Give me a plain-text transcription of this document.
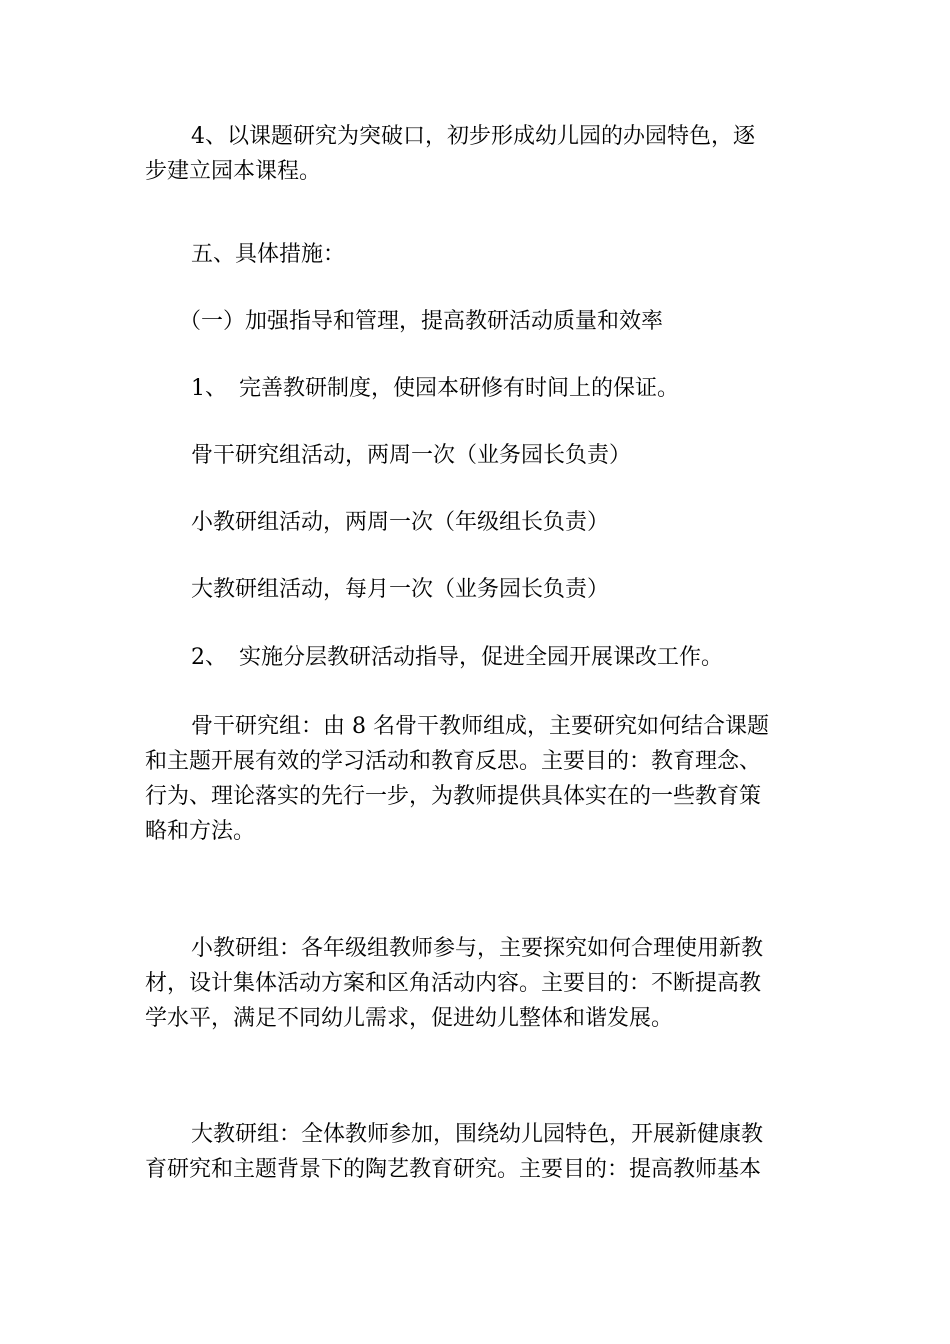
4、以课题研究为突破口，初步形成幼儿园的办园特色，逐
步建立园本课程。
五、具体措施：
（一）加强指导和管理，提高教研活动质量和效率
1、 完善教研制度，使园本研修有时间上的保证。
骨干研究组活动，两周一次（业务园长负责）
小教研组活动，两周一次（年级组长负责）
大教研组活动，每月一次（业务园长负责）
2、 实施分层教研活动指导，促进全园开展课改工作。
骨干研究组：由 8 名骨干教师组成，主要研究如何结合课题
和主题开展有效的学习活动和教育反思。主要目的：教育理念、
行为、理论落实的先行一步，为教师提供具体实在的一些教育策
略和方法。
小教研组：各年级组教师参与，主要探究如何合理使用新教
材，设计集体活动方案和区角活动内容。主要目的：不断提高教
学水平，满足不同幼儿需求，促进幼儿整体和谐发展。
大教研组：全体教师参加，围绕幼儿园特色，开展新健康教
育研究和主题背景下的陶艺教育研究。主要目的：提高教师基本
